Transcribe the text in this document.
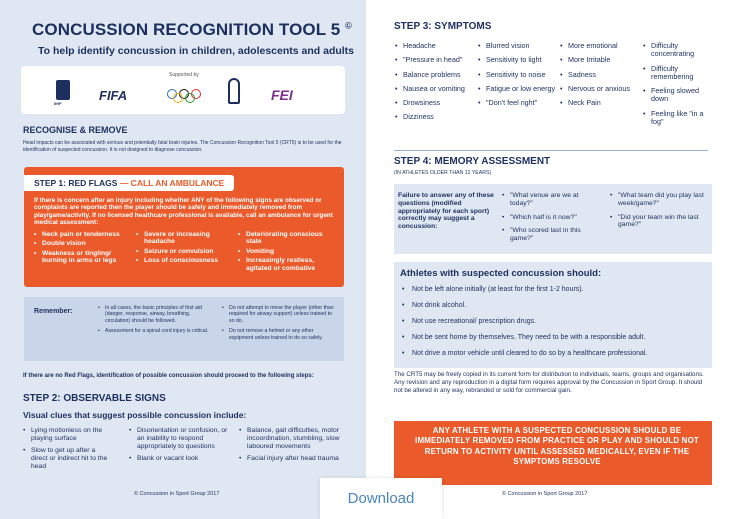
CONCUSSION RECOGNITION TOOL 5 ©
To help identify concussion in children, adolescents and adults
Supported by
IIHF
FIFA	FEI
RECOGNISE & REMOVE
Head impacts can be associated with serious and potentially fatal brain injuries. The Concussion Recognition Tool 5 (CRT5) is to be used for the identification of suspected concussion. It is not designed to diagnose concussion.
STEP 1: RED FLAGS — CALL AN AMBULANCE
If there is concern after an injury including whether ANY of the following signs are observed or complaints are reported then the player should be safely and immediately removed from play/game/activity. If no licensed healthcare professional is available, call an ambulance for urgent medical assessment:
• Neck pain or tenderness
• Double vision
• Weakness or tingling/ burning in arms or legs
• Severe or increasing headache
• Seizure or convulsion
• Loss of consciousness
• Deteriorating conscious state
• Vomiting
• Increasingly restless, agitated or combative
Remember:
•	In all cases, the basic principles of first aid (danger, response, airway, breathing, circulation) should be followed.
• Assessment for a spinal cord injury is critical.
• Do not attempt to move the player (other than required for airway support) unless trained to so do.
• Do not remove a helmet or any other equipment unless trained to do so safely.
If there are no Red Flags, identification of possible concussion should proceed to the following steps:
STEP 2: OBSERVABLE SIGNS
Visual clues that suggest possible concussion include:
• Lying motionless on the playing surface
• Slow to get up after a direct or indirect hit to the head
• Disorientation or confusion, or an inability to respond appropriately to questions
• Blank or vacant look
• Balance, gait difficulties, motor incoordination, stumbling, slow laboured movements
• Facial injury after head trauma
© Concussion in Sport Group 2017
STEP 3: SYMPTOMS
• Headache
• "Pressure in head"
• Balance problems
• Nausea or vomiting
• Drowsiness
• Dizziness
• Blurred vision
• Sensitivity to light
• Sensitivity to noise
• Fatigue or low energy
• "Don't feel right"
• More emotional
• More Irritable
• Sadness
• Nervous or anxious
• Neck Pain
• Difficulty concentrating
• Difficulty remembering
• Feeling slowed down
• Feeling like "in a fog"
STEP 4: MEMORY ASSESSMENT
(IN ATHLETES OLDER THAN 12 YEARS)
Failure to answer any of these questions (modified appropriately for each sport) correctly may suggest a concussion:
• "What venue are we at today?"
• "Which half is it now?"
• "Who scored last in this game?"
• "What team did you play last week/game?"
• "Did your team win the last game?"
Athletes with suspected concussion should:
• Not be left alone initially (at least for the first 1-2 hours).
• Not drink alcohol.
• Not use recreational/ prescription drugs.
• Not be sent home by themselves. They need to be with a responsible adult.
• Not drive a motor vehicle until cleared to do so by a healthcare professional.
The CRT5 may be freely copied in its current form for distribution to individuals, teams, groups and organisations. Any revision and any reproduction in a digital form requires approval by the Concussion in Sport Group. It should not be altered in any way, rebranded or sold for commercial gain.
ANY ATHLETE WITH A SUSPECTED CONCUSSION SHOULD BE IMMEDIATELY REMOVED FROM PRACTICE OR PLAY AND SHOULD NOT RETURN TO ACTIVITY UNTIL ASSESSED MEDICALLY, EVEN IF THE SYMPTOMS RESOLVE
© Concussion in Sport Group 2017
Download
